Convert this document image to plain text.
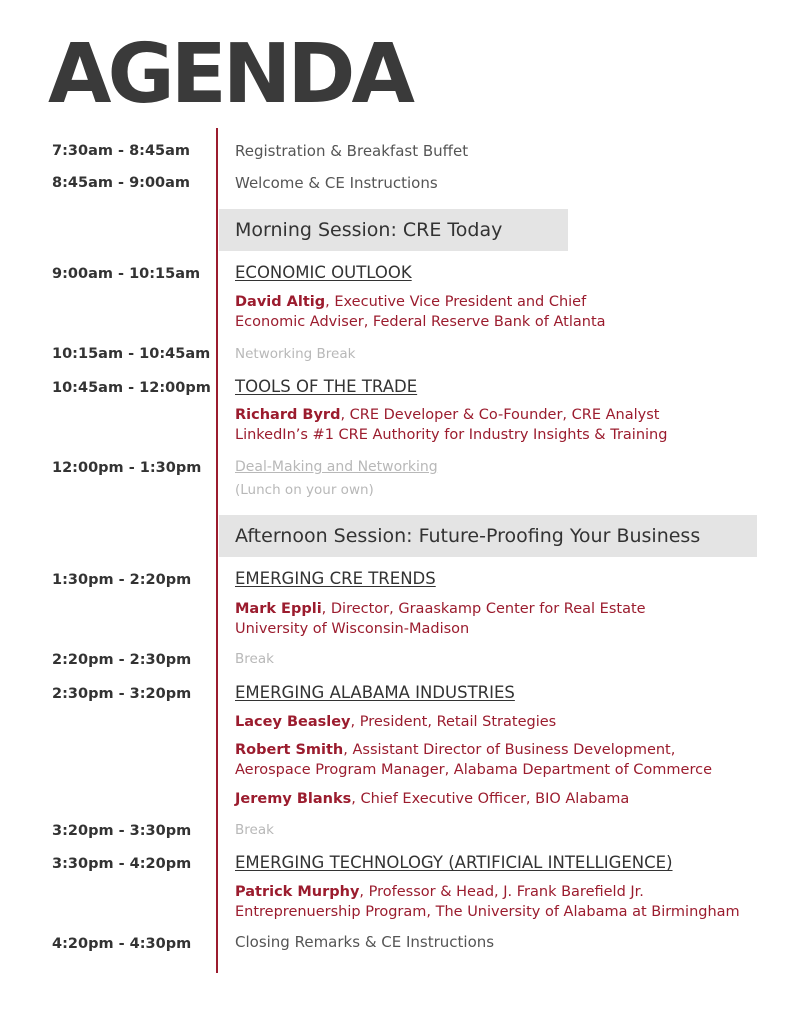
AGENDA
7:30am - 8:45am	Registration & Breakfast Buffet
8:45am - 9:00am	Welcome & CE Instructions
Morning Session: CRE Today
9:00am - 10:15am ECONOMIC OUTLOOK
David Altig, Executive Vice President and Chief
Economic Adviser, Federal Reserve Bank of Atlanta
10:15am - 10:45am Networking Break
10:45am - 12:00pm TOOLS OF THE TRADE
Richard Byrd, CRE Developer & Co-Founder, CRE Analyst
LinkedIn’s #1 CRE Authority for Industry Insights & Training
12:00pm - 1:30pm Deal-Making and Networking
(Lunch on your own)
Afternoon Session: Future-Proofing Your Business
1:30pm - 2:20pm	EMERGING CRE TRENDS
Mark Eppli, Director, Graaskamp Center for Real Estate
University of Wisconsin-Madison
2:20pm - 2:30pm	Break
2:30pm - 3:20pm	EMERGING ALABAMA INDUSTRIES
Lacey Beasley, President, Retail Strategies
Robert Smith, Assistant Director of Business Development,
Aerospace Program Manager, Alabama Department of Commerce
Jeremy Blanks, Chief Executive Officer, BIO Alabama
3:20pm - 3:30pm	Break
3:30pm - 4:20pm	EMERGING TECHNOLOGY (ARTIFICIAL INTELLIGENCE)
Patrick Murphy, Professor & Head, J. Frank Barefield Jr.
Entreprenuership Program, The University of Alabama at Birmingham
4:20pm - 4:30pm	Closing Remarks & CE Instructions
